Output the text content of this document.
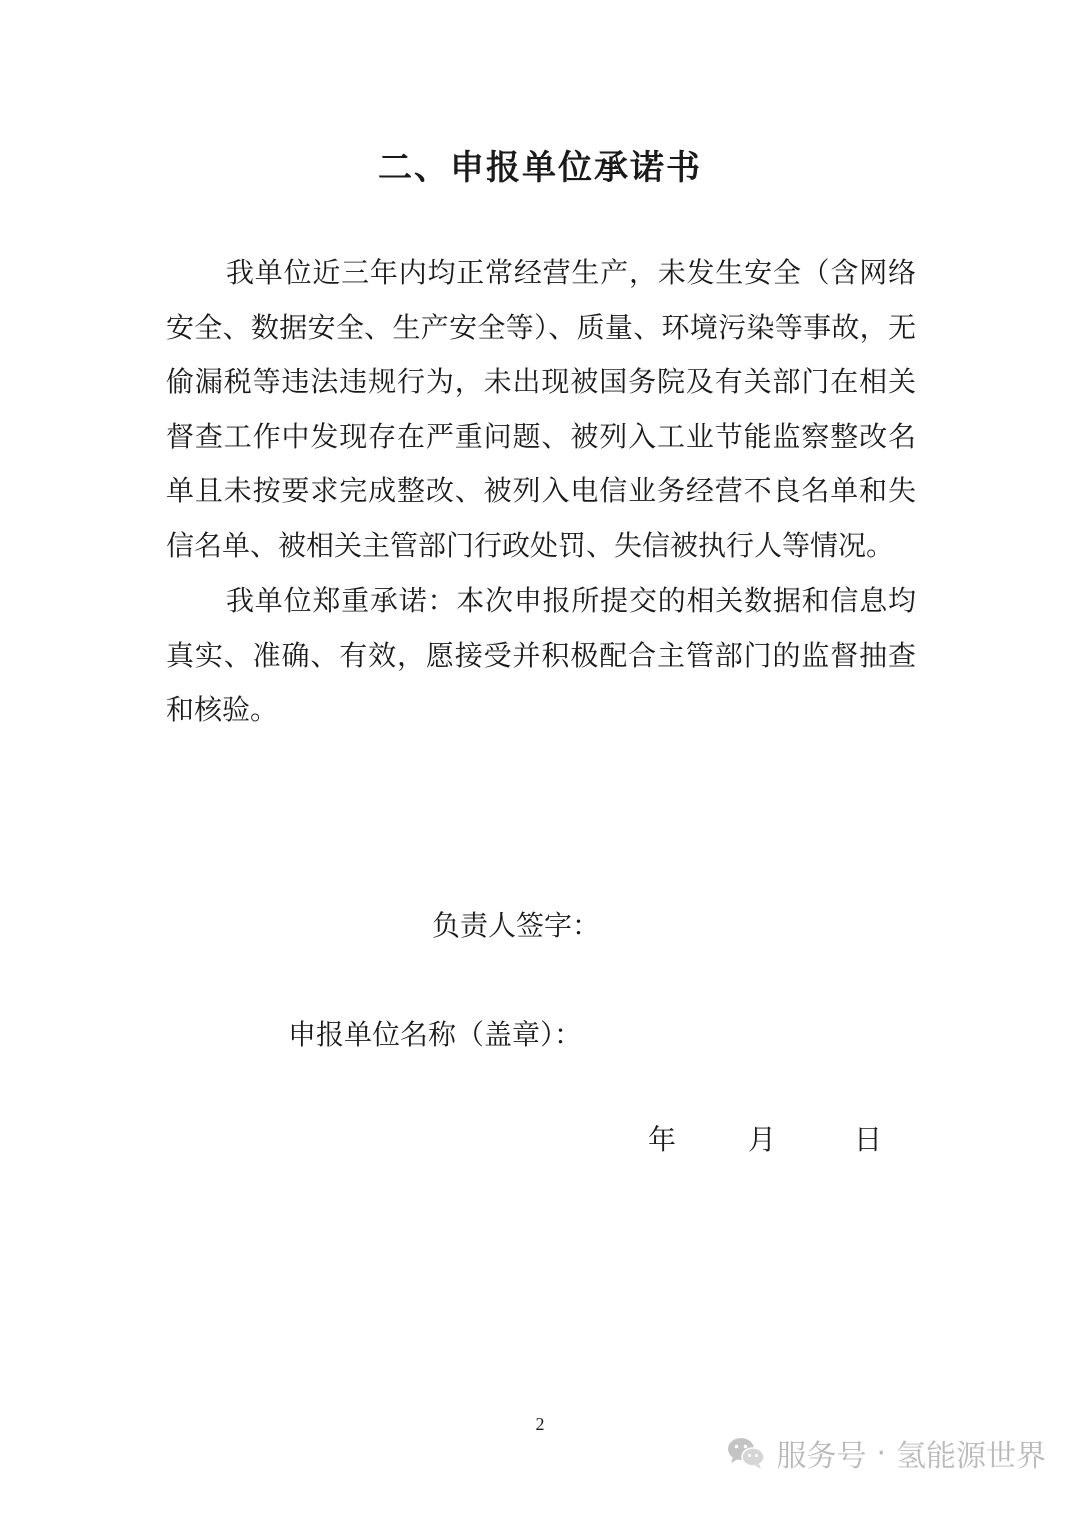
二、申报单位承诺书

我单位近三年内均正常经营生产，未发生安全（含网络安全、数据安全、生产安全等）、质量、环境污染等事故，无偷漏税等违法违规行为，未出现被国务院及有关部门在相关督查工作中发现存在严重问题、被列入工业节能监察整改名单且未按要求完成整改、被列入电信业务经营不良名单和失信名单、被相关主管部门行政处罚、失信被执行人等情况。

我单位郑重承诺：本次申报所提交的相关数据和信息均真实、准确、有效，愿接受并积极配合主管部门的监督抽查和核验。

负责人签字：

申报单位名称（盖章）：

年	月	日

2

服务号 · 氢能源世界
